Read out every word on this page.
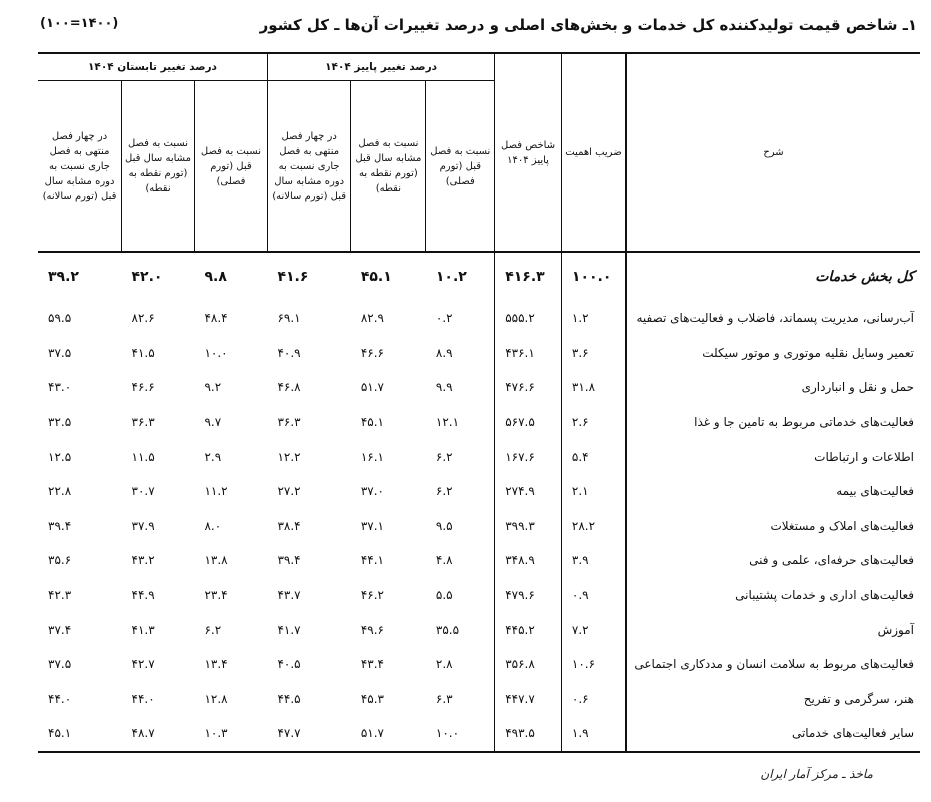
۱ـ شاخص قیمت تولیدکننده کل خدمات و بخش‌های اصلی و درصد تغییرات آن‌ها ـ کل کشور
(۱۴۰۰=۱۰۰)
شرح	ضریب اهمیت	شاخص فصل پاییز ۱۴۰۴	درصد تغییر پاییز ۱۴۰۴			درصد تغییر تابستان ۱۴۰۴		
			نسبت به فصل قبل (تورم فصلی)	نسبت به فصل مشابه سال قبل (تورم نقطه به نقطه)	در چهار فصل منتهی به فصل جاری نسبت به دوره مشابه سال قبل (تورم سالانه)	نسبت به فصل قبل (تورم فصلی)	نسبت به فصل مشابه سال قبل (تورم نقطه به نقطه)	در چهار فصل منتهی به فصل جاری نسبت به دوره مشابه سال قبل (تورم سالانه)
کل بخش خدمات	۱۰۰.۰	۴۱۶.۳	۱۰.۲	۴۵.۱	۴۱.۶	۹.۸	۴۲.۰	۳۹.۲
آب‌رسانی، مدیریت پسماند، فاضلاب و فعالیت‌های تصفیه	۱.۲	۵۵۵.۲	۰.۲	۸۲.۹	۶۹.۱	۴۸.۴	۸۲.۶	۵۹.۵
تعمیر وسایل نقلیه موتوری و موتور سیکلت	۳.۶	۴۳۶.۱	۸.۹	۴۶.۶	۴۰.۹	۱۰.۰	۴۱.۵	۳۷.۵
حمل و نقل و انبارداری	۳۱.۸	۴۷۶.۶	۹.۹	۵۱.۷	۴۶.۸	۹.۲	۴۶.۶	۴۳.۰
فعالیت‌های خدماتی مربوط به تامین جا و غذا	۲.۶	۵۶۷.۵	۱۲.۱	۴۵.۱	۳۶.۳	۹.۷	۳۶.۳	۳۲.۵
اطلاعات و ارتباطات	۵.۴	۱۶۷.۶	۶.۲	۱۶.۱	۱۲.۲	۲.۹	۱۱.۵	۱۲.۵
فعالیت‌های بیمه	۲.۱	۲۷۴.۹	۶.۲	۳۷.۰	۲۷.۲	۱۱.۲	۳۰.۷	۲۲.۸
فعالیت‌های املاک و مستغلات	۲۸.۲	۳۹۹.۳	۹.۵	۳۷.۱	۳۸.۴	۸.۰	۳۷.۹	۳۹.۴
فعالیت‌های حرفه‌ای، علمی و فنی	۳.۹	۳۴۸.۹	۴.۸	۴۴.۱	۳۹.۴	۱۳.۸	۴۳.۲	۳۵.۶
فعالیت‌های اداری و خدمات پشتیبانی	۰.۹	۴۷۹.۶	۵.۵	۴۶.۲	۴۳.۷	۲۳.۴	۴۴.۹	۴۲.۳
آموزش	۷.۲	۴۴۵.۲	۳۵.۵	۴۹.۶	۴۱.۷	۶.۲	۴۱.۳	۳۷.۴
فعالیت‌های مربوط به سلامت انسان و مددکاری اجتماعی	۱۰.۶	۳۵۶.۸	۲.۸	۴۳.۴	۴۰.۵	۱۳.۴	۴۲.۷	۳۷.۵
هنر، سرگرمی و تفریح	۰.۶	۴۴۷.۷	۶.۳	۴۵.۳	۴۴.۵	۱۲.۸	۴۴.۰	۴۴.۰
سایر فعالیت‌های خدماتی	۱.۹	۴۹۳.۵	۱۰.۰	۵۱.۷	۴۷.۷	۱۰.۳	۴۸.۷	۴۵.۱
ماخذ ـ مرکز آمار ایران
